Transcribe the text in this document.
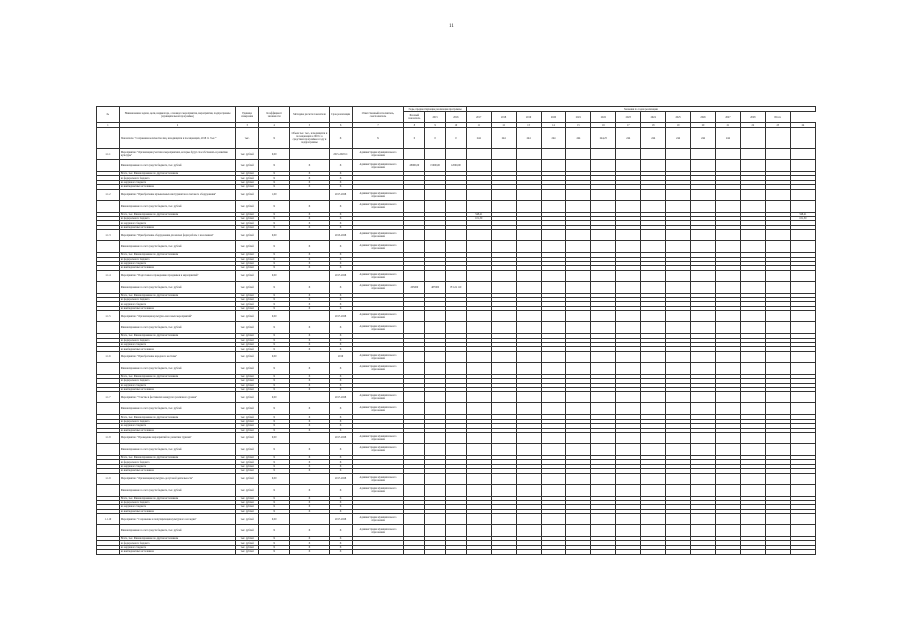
11
№	Наименование задачи, цели, индикатора, основного мероприятия, мероприятия, подпрограммы (муниципальной программы)	Единица измерения	Коэффициент значимости	Методика расчета показателя	Срок реализации	Ответственный исполнитель, соисполнитель	Годы, предшествующие реализации программы			Значения по годам реализации													
							Базовый показатель	2015	2016	2017	2018	2019	2020	2021	2022	2023	2024	2025	2026	2027	2028	Итого	
1	2	3	4	5	6	7	8	9	10	11	12	13	14	15	16	17	18	19	20	21	22	23	24
	Показатель: "Сохранение количества лиц, находящихся и посещающих, 2018 гг. 'тыс.'"	тыс.	Х	Объем тыс. тыс., находящихся и посещающих в 2018 г. к средствам программы в году и подпрограммы	Х	Х	0	0	0	244	244	244	244	244	244,25	244	244	244	244	244			
1.1.1	Мероприятие: "Организация участия в мероприятиях, которые будут способствовать и развитию культуры"	тыс. рублей	0,00		2015-2028 гг.	Администрация муниципального образования																	
	Финансирование за счет средств бюджета, тыс. рублей	тыс. рублей	Х	Х	Х	Администрация муниципального образования	28000,00	15000,00	12000,00														
	Всего, тыс. Финансирование по другим источникам	тыс. рублей	Х	Х	Х																		
	из федерального бюджета	тыс. рублей	Х	Х	Х																		
	из окружного бюджета	тыс. рублей	Х	Х	Х																		
	из внебюджетных источников	тыс. рублей	Х	Х	Х																		
1.1.2	Мероприятие: "Приобретение музыкальных инструментов и светового оборудования"	тыс. рублей	1,00		2017-2028	Администрация муниципального образования																	
	Финансирование за счет средств бюджета, тыс. рублей	тыс. рублей	Х	Х	Х	Администрация муниципального образования																	
	Всего, тыс. Финансирование по другим источникам	тыс. рублей	Х	Х	Х					348,41													348,41
	из федерального бюджета	тыс. рублей	Х	Х	Х					101,30													101,30
	из окружного бюджета	тыс. рублей	Х	Х	Х																		
	из внебюджетных источников	тыс. рублей	Х	Х	Х																		
1.1.3	Мероприятие: "Приобретение оборудования для малых форм работы с населением"	тыс. рублей	0,00		2015-2028	Администрация муниципального образования																	
	Финансирование за счет средств бюджета, тыс. рублей	тыс. рублей	Х	Х	Х	Администрация муниципального образования																	
	Всего, тыс. Финансирование по другим источникам	тыс. рублей	Х	Х	Х																		
	из федерального бюджета	тыс. рублей	Х	Х	Х																		
	из окружного бюджета	тыс. рублей	Х	Х	Х																		
	из внебюджетных источников	тыс. рублей	Х	Х	Х																		
1.1.4	Мероприятие: "Подготовка к проведению праздников и мероприятий"	тыс. рублей	0,00		2017-2028	Администрация муниципального образования																	
	Финансирование за счет средств бюджета, тыс. рублей	тыс. рублей	Х	Х	Х	Администрация муниципального образования	205000	487000	Н 124 110														
	Всего, тыс. Финансирование по другим источникам	тыс. рублей	Х	Х	Х																		
	из федерального бюджета	тыс. рублей	Х	Х	Х																		
	из окружного бюджета	тыс. рублей	Х	Х	Х																		
	из внебюджетных источников	тыс. рублей	Х	Х	Х																		
1.1.5	Мероприятие: "Организация культурно-массовых мероприятий"	тыс. рублей	0,00		2017-2028	Администрация муниципального образования																	
	Финансирование за счет средств бюджета, тыс. рублей	тыс. рублей	Х	Х	Х	Администрация муниципального образования																	
	Всего, тыс. Финансирование по другим источникам	тыс. рублей	Х	Х	Х																		
	из федерального бюджета	тыс. рублей	Х	Х	Х																		
	из окружного бюджета	тыс. рублей	Х	Х	Х																		
	из внебюджетных источников	тыс. рублей	Х	Х	Х																		
1.1.6	Мероприятие: "Приобретение народного костюма"	тыс. рублей	0,00		2019	Администрация муниципального образования																	
	Финансирование за счет средств бюджета, тыс. рублей	тыс. рублей	Х	Х	Х	Администрация муниципального образования																	
	Всего, тыс. Финансирование по другим источникам	тыс. рублей	Х	Х	Х																		
	из федерального бюджета	тыс. рублей	Х	Х	Х																		
	из окружного бюджета	тыс. рублей	Х	Х	Х																		
	из внебюджетных источников	тыс. рублей	Х	Х	Х																		
1.1.7	Мероприятие: "Участие в фестивалях конкурсах различного уровня"	тыс. рублей	0,00		2017-2028	Администрация муниципального образования																	
	Финансирование за счет средств бюджета, тыс. рублей	тыс. рублей	Х	Х	Х	Администрация муниципального образования																	
	Всего, тыс. Финансирование по другим источникам	тыс. рублей	Х	Х	Х																		
	из федерального бюджета	тыс. рублей	Х	Х	Х																		
	из окружного бюджета	тыс. рублей	Х	Х	Х																		
	из внебюджетных источников	тыс. рублей	Х	Х	Х																		
1.1.8	Мероприятие: "Проведение мероприятий по развитию туризма"	тыс. рублей	0,00		2017-2028	Администрация муниципального образования																	
	Финансирование за счет средств бюджета, тыс. рублей	тыс. рублей	Х	Х	Х	Администрация муниципального образования																	
	Всего, тыс. Финансирование по другим источникам	тыс. рублей	Х	Х	Х																		
	из федерального бюджета	тыс. рублей	Х	Х	Х																		
	из окружного бюджета	тыс. рублей	Х	Х	Х																		
	из внебюджетных источников	тыс. рублей	Х	Х	Х																		
1.1.9	Мероприятие: "Организация культурно-досуговой деятельности"	тыс. рублей	0,00		2017-2028	Администрация муниципального образования																	
	Финансирование за счет средств бюджета, тыс. рублей	тыс. рублей	Х	Х	Х	Администрация муниципального образования																	
	Всего, тыс. Финансирование по другим источникам	тыс. рублей	Х	Х	Х																		
	из федерального бюджета	тыс. рублей	Х	Х	Х																		
	из окружного бюджета	тыс. рублей	Х	Х	Х																		
	из внебюджетных источников	тыс. рублей	Х	Х	Х																		
1.1.10	Мероприятие: "Сохранение и популяризация культурного наследия"	тыс. рублей	0,00		2017-2028	Администрация муниципального образования																	
	Финансирование за счет средств бюджета, тыс. рублей	тыс. рублей	Х	Х	Х	Администрация муниципального образования																	
	Всего, тыс. Финансирование по другим источникам	тыс. рублей	Х	Х	Х																		
	из федерального бюджета	тыс. рублей	Х	Х	Х																		
	из окружного бюджета	тыс. рублей	Х	Х	Х																		
	из внебюджетных источников	тыс. рублей	Х	Х	Х																		
